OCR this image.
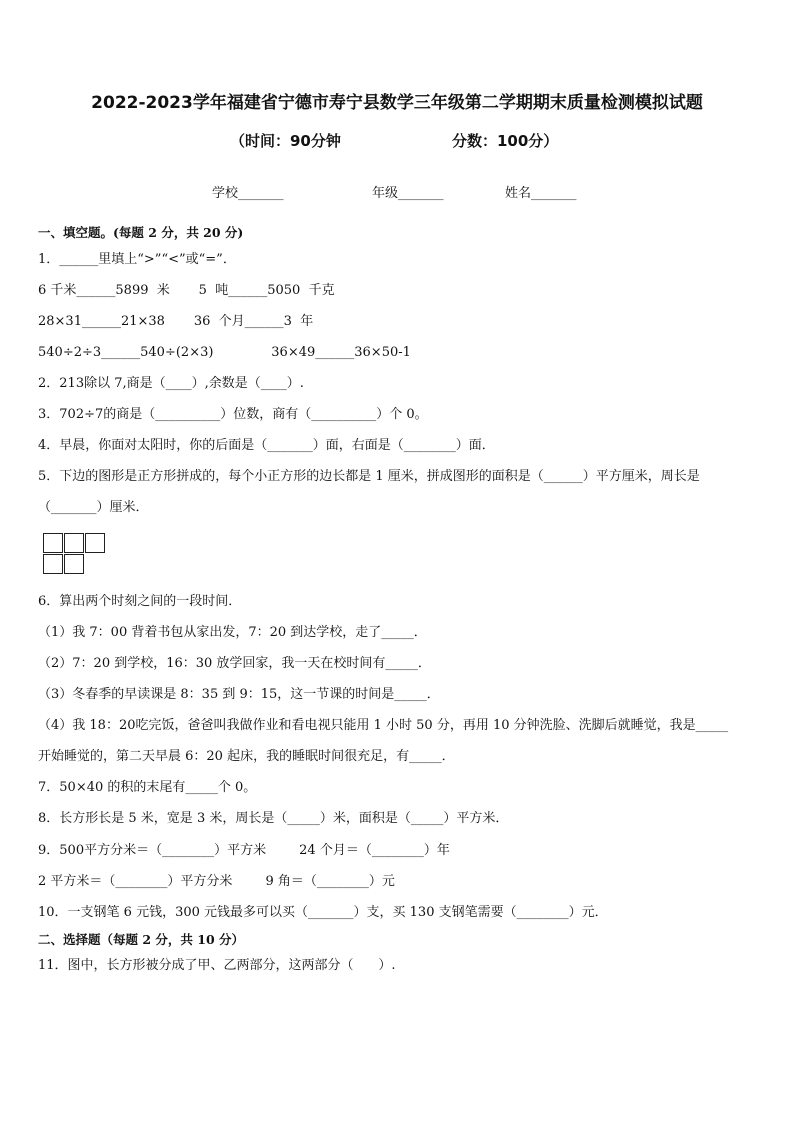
2022-2023学年福建省宁德市寿宁县数学三年级第二学期期末质量检测模拟试题
（时间：90分钟	分数：100分）
学校_______	年级_______	姓名_______
一、填空题。(每题 2 分，共 20 分)
1．______里填上“>”“<”或“=”．
6 千米______5899  米       5  吨______5050  千克
28×31______21×38       36  个月______3  年
540÷2÷3______540÷(2×3)              36×49______36×50-1
2．213除以 7,商是（____）,余数是（____）.
3．702÷7的商是（__________）位数，商有（__________）个 0。
4．早晨，你面对太阳时，你的后面是（_______）面，右面是（________）面．
5．下边的图形是正方形拼成的，每个小正方形的边长都是 1 厘米，拼成图形的面积是（______）平方厘米，周长是
（_______）厘米．
6．算出两个时刻之间的一段时间．
（1）我 7：00 背着书包从家出发，7：20 到达学校，走了_____．
（2）7：20 到学校，16：30 放学回家，我一天在校时间有_____．
（3）冬春季的早读课是 8：35 到 9：15，这一节课的时间是_____．
（4）我 18：20吃完饭，爸爸叫我做作业和看电视只能用 1 小时 50 分，再用 10 分钟洗脸、洗脚后就睡觉，我是_____
开始睡觉的，第二天早晨 6：20 起床，我的睡眠时间很充足，有_____．
7．50×40 的积的末尾有_____个 0。
8．长方形长是 5 米，宽是 3 米，周长是（_____）米，面积是（_____）平方米．
9．500平方分米＝（________）平方米        24 个月＝（________）年
2 平方米＝（________）平方分米        9 角＝（________）元
10．一支钢笔 6 元钱，300 元钱最多可以买（_______）支，买 130 支钢笔需要（________）元．
二、选择题（每题 2 分，共 10 分）
11．图中，长方形被分成了甲、乙两部分，这两部分（      ）.
